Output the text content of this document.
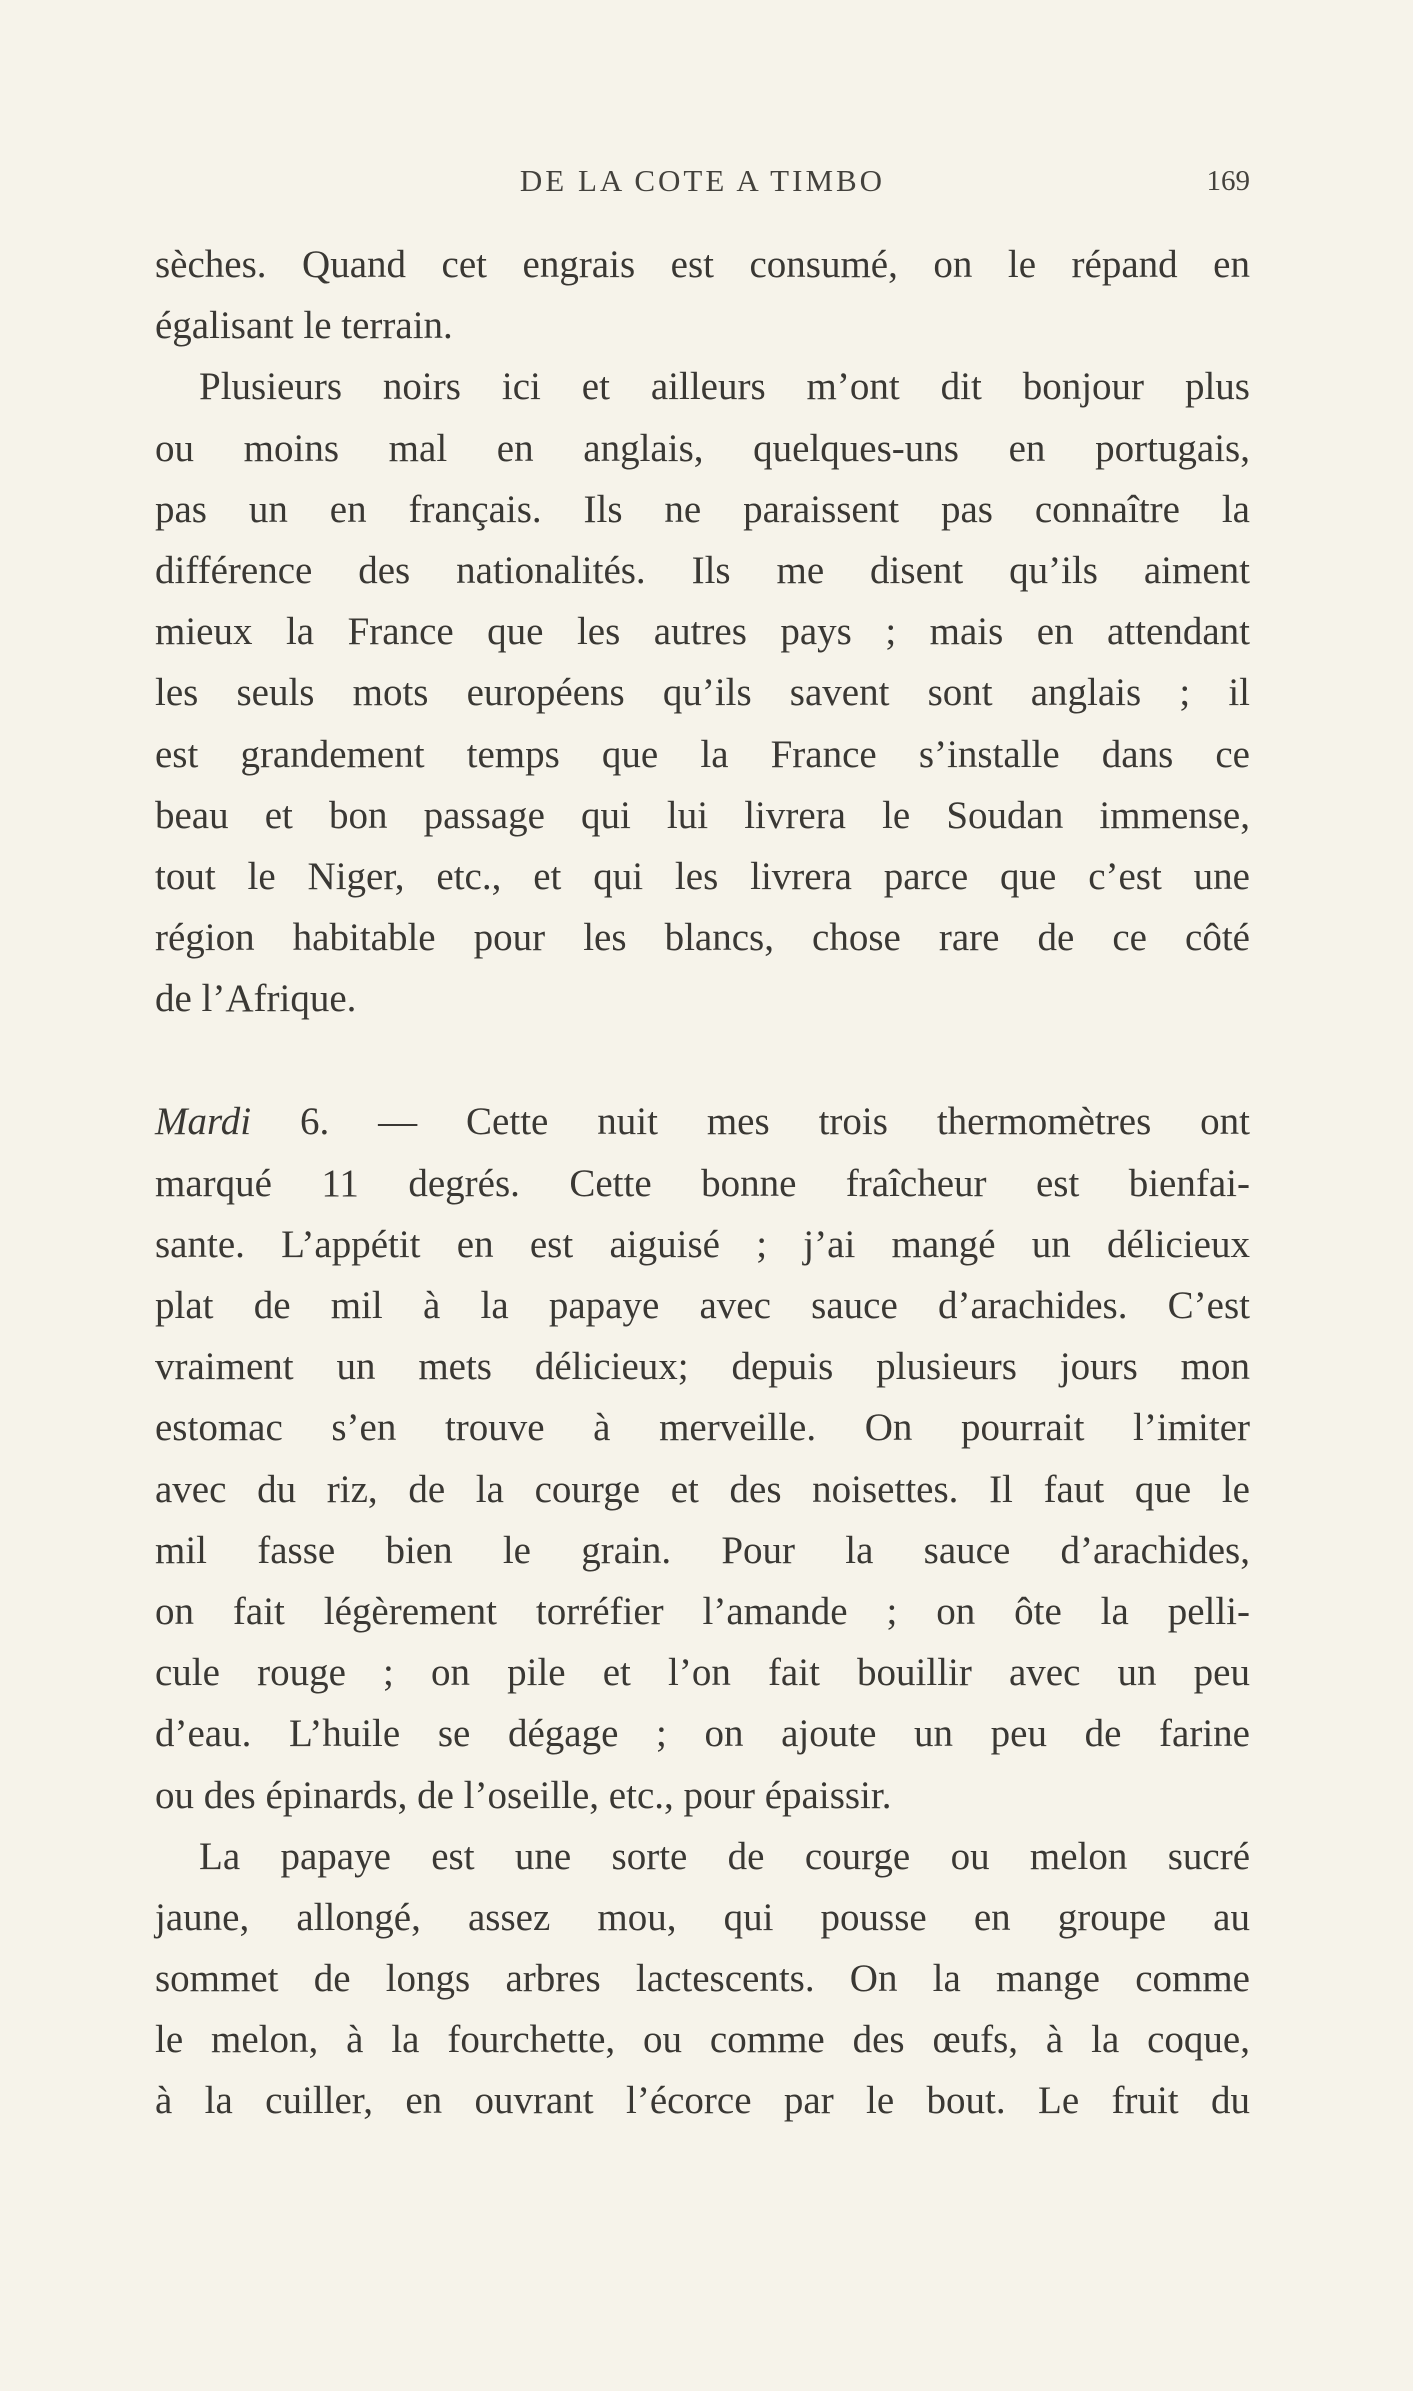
DE LA COTE A TIMBO	169
sèches. Quand cet engrais est consumé, on le répand en
égalisant le terrain.
Plusieurs noirs ici et ailleurs m’ont dit bonjour plus
ou moins mal en anglais, quelques-uns en portugais,
pas un en français. Ils ne paraissent pas connaître la
différence des nationalités. Ils me disent qu’ils aiment
mieux la France que les autres pays ; mais en attendant
les seuls mots européens qu’ils savent sont anglais ; il
est grandement temps que la France s’installe dans ce
beau et bon passage qui lui livrera le Soudan immense,
tout le Niger, etc., et qui les livrera parce que c’est une
région habitable pour les blancs, chose rare de ce côté
de l’Afrique.
Mardi 6. — Cette nuit mes trois thermomètres ont
marqué 11 degrés. Cette bonne fraîcheur est bienfai-
sante. L’appétit en est aiguisé ; j’ai mangé un délicieux
plat de mil à la papaye avec sauce d’arachides. C’est
vraiment un mets délicieux; depuis plusieurs jours mon
estomac s’en trouve à merveille. On pourrait l’imiter
avec du riz, de la courge et des noisettes. Il faut que le
mil fasse bien le grain. Pour la sauce d’arachides,
on fait légèrement torréfier l’amande ; on ôte la pelli-
cule rouge ; on pile et l’on fait bouillir avec un peu
d’eau. L’huile se dégage ; on ajoute un peu de farine
ou des épinards, de l’oseille, etc., pour épaissir.
La papaye est une sorte de courge ou melon sucré
jaune, allongé, assez mou, qui pousse en groupe au
sommet de longs arbres lactescents. On la mange comme
le melon, à la fourchette, ou comme des œufs, à la coque,
à la cuiller, en ouvrant l’écorce par le bout. Le fruit du
